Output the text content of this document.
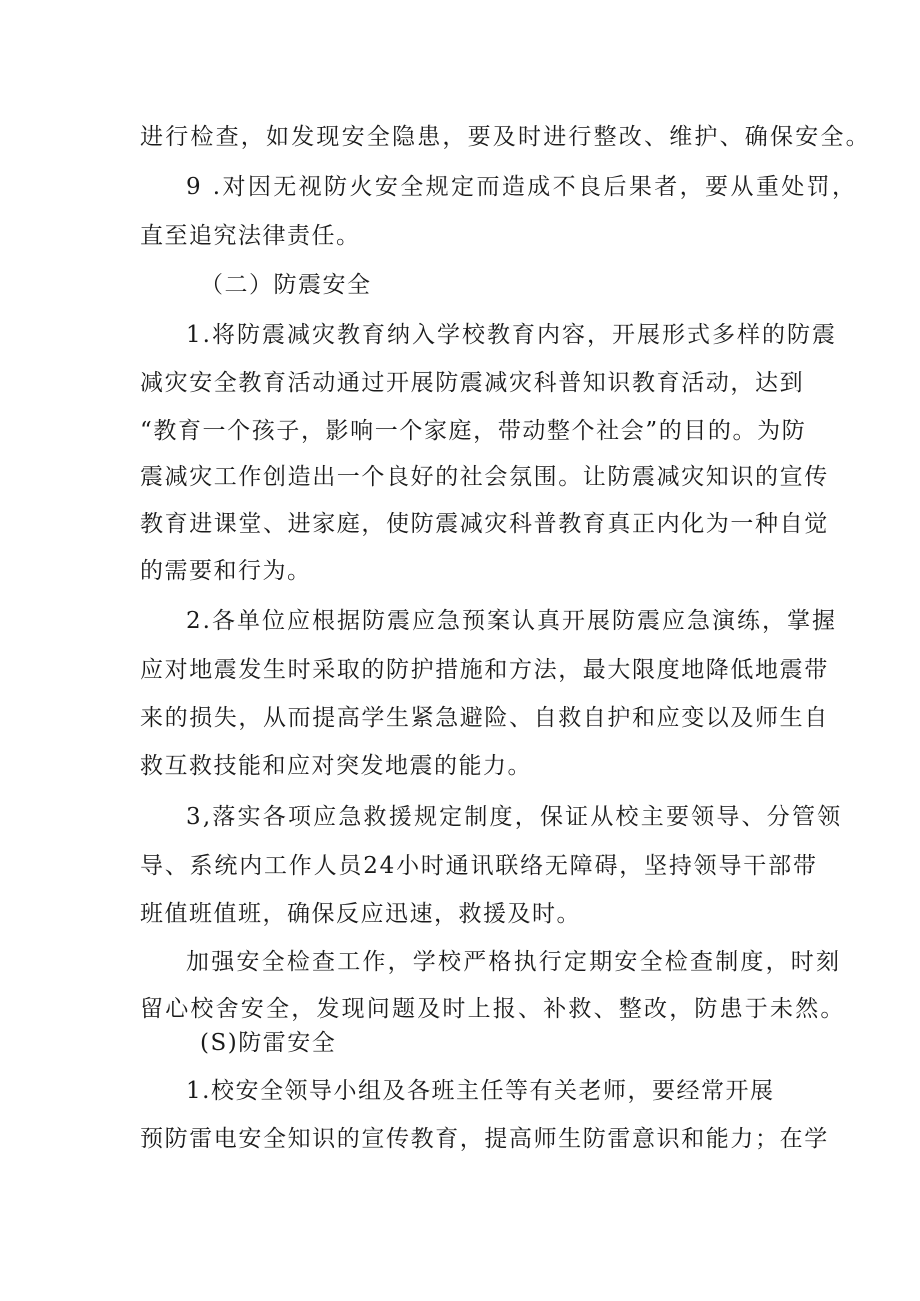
进行检查，如发现安全隐患，要及时进行整改、维护、确保安全。
9 .对因无视防火安全规定而造成不良后果者，要从重处罚，
直至追究法律责任。
（二）防震安全
1.将防震减灾教育纳入学校教育内容，开展形式多样的防震
减灾安全教育活动通过开展防震减灾科普知识教育活动，达到
“教育一个孩子，影响一个家庭，带动整个社会”的目的。为防
震减灾工作创造出一个良好的社会氛围。让防震减灾知识的宣传
教育进课堂、进家庭，使防震减灾科普教育真正内化为一种自觉
的需要和行为。
2.各单位应根据防震应急预案认真开展防震应急演练，掌握
应对地震发生时采取的防护措施和方法，最大限度地降低地震带
来的损失，从而提高学生紧急避险、自救自护和应变以及师生自
救互救技能和应对突发地震的能力。
3,落实各项应急救援规定制度，保证从校主要领导、分管领
导、系统内工作人员24小时通讯联络无障碍，坚持领导干部带
班值班值班，确保反应迅速，救援及时。
加强安全检查工作，学校严格执行定期安全检查制度，时刻
留心校舍安全，发现问题及时上报、补救、整改，防患于未然。
(S)防雷安全
1.校安全领导小组及各班主任等有关老师，要经常开展
预防雷电安全知识的宣传教育，提高师生防雷意识和能力；在学
